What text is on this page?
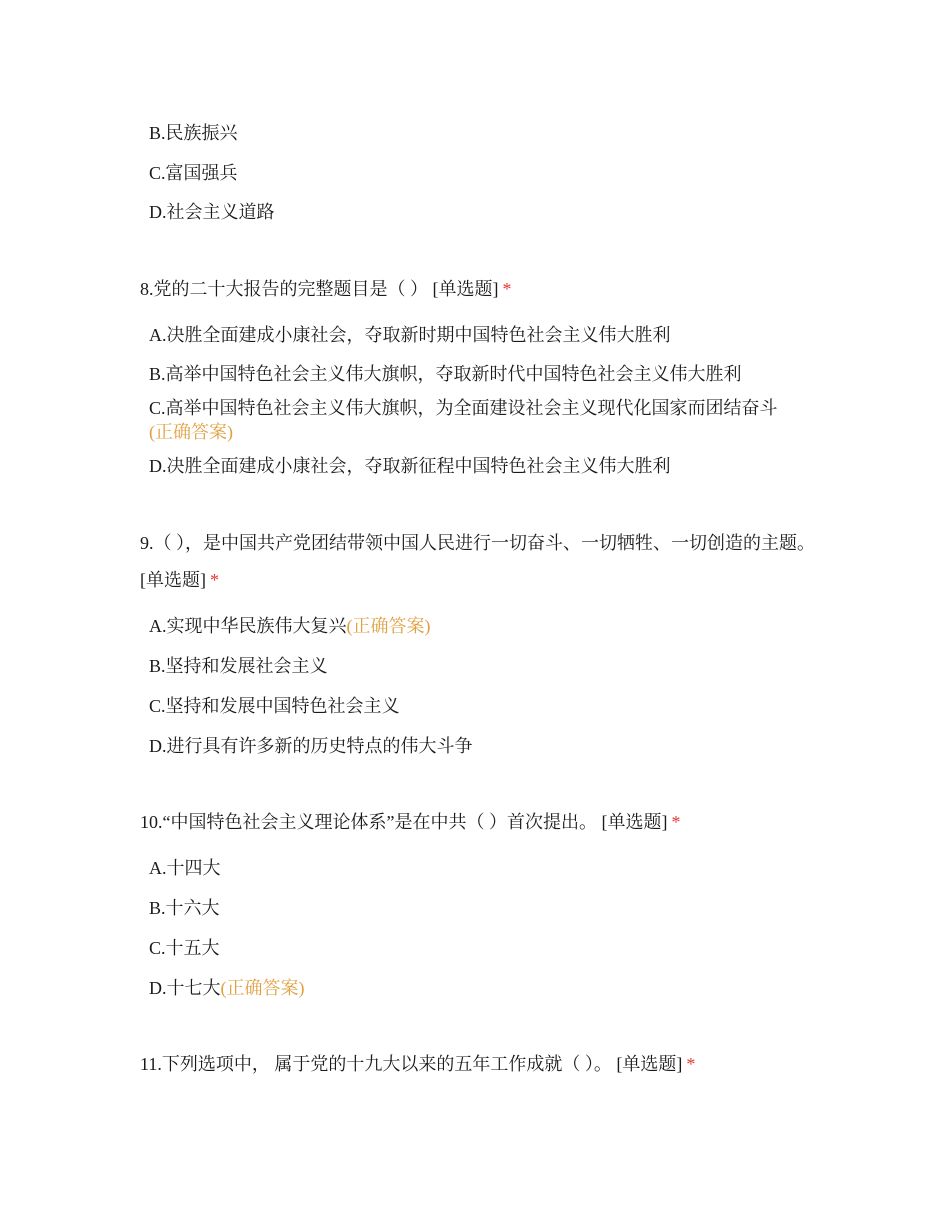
B.民族振兴
C.富国强兵
D.社会主义道路
8.党的二十大报告的完整题目是（ ） [单选题] *
A.决胜全面建成小康社会，夺取新时期中国特色社会主义伟大胜利
B.高举中国特色社会主义伟大旗帜，夺取新时代中国特色社会主义伟大胜利
C.高举中国特色社会主义伟大旗帜，为全面建设社会主义现代化国家而团结奋斗
(正确答案)
D.决胜全面建成小康社会，夺取新征程中国特色社会主义伟大胜利
9.（ ），是中国共产党团结带领中国人民进行一切奋斗、一切牺牲、一切创造的主题。 [单选题] *
A.实现中华民族伟大复兴(正确答案)
B.坚持和发展社会主义
C.坚持和发展中国特色社会主义
D.进行具有许多新的历史特点的伟大斗争
10.“中国特色社会主义理论体系”是在中共（ ）首次提出。 [单选题] *
A.十四大
B.十六大
C.十五大
D.十七大(正确答案)
11.下列选项中， 属于党的十九大以来的五年工作成就（ ）。 [单选题] *
